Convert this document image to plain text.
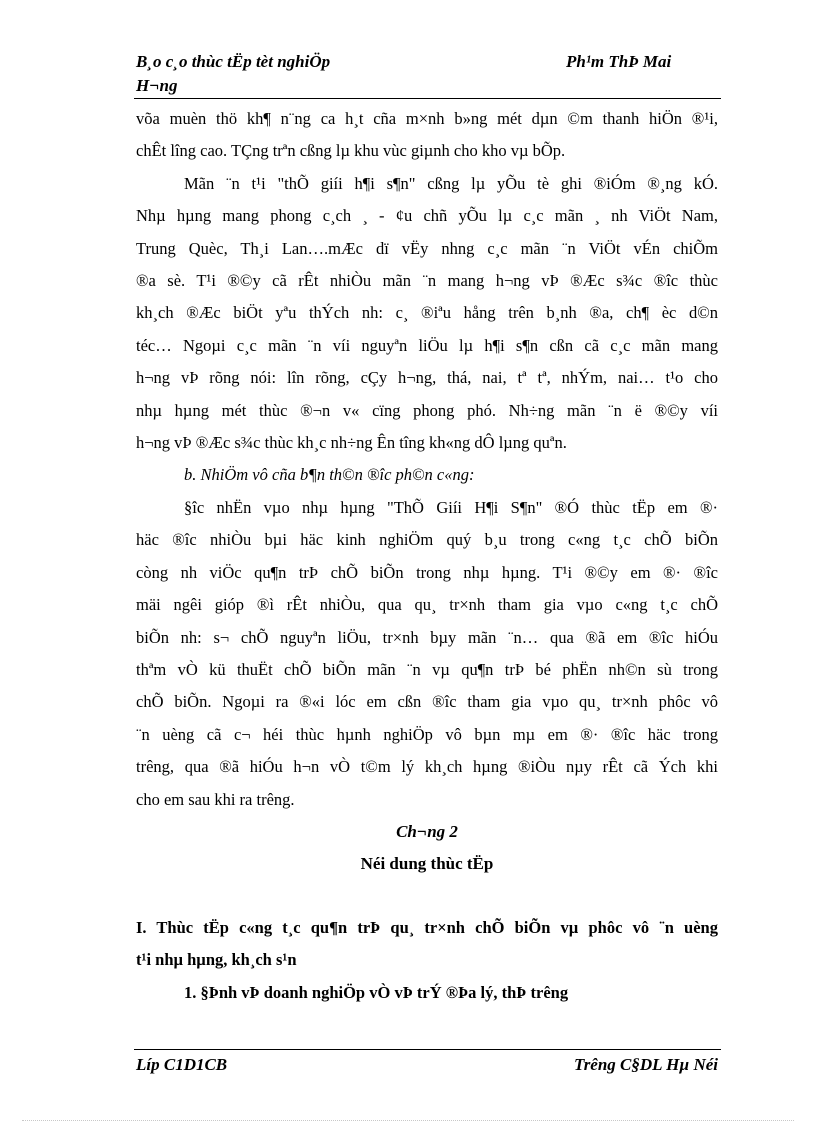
B¸o c¸o thùc tËp tèt nghiÖp
H¬ng
Ph¹m ThÞ Mai
võa muèn thö kh¶ n¨ng ca h¸t cña m×nh b»ng mét dµn ©m thanh hiÖn ®¹i,
chÊt lîng cao. TÇng trªn cßng lµ khu vùc giµnh cho kho vµ bÕp.
Mãn ¨n t¹i "thÕ giíi h¶i s¶n" cßng lµ yÕu tè ghi ®iÓm ®¸ng kÓ.
Nhµ hµng mang phong c¸ch ¸ - ¢u chñ yÕu lµ c¸c mãn ¸ nh ViÖt Nam,
Trung Quèc, Th¸i Lan….mÆc dï vËy nhng c¸c mãn ¨n ViÖt vÉn chiÕm
®a sè. T¹i ®©y cã rÊt nhiÒu mãn ¨n mang h¬ng vÞ ®Æc s¾c ®îc thùc
kh¸ch ®Æc biÖt yªu thÝch nh: c¸ ®iªu hång trên b¸nh ®a, ch¶ èc d©n
téc… Ngoµi c¸c mãn ¨n víi nguyªn liÖu lµ h¶i s¶n cßn cã c¸c mãn mang
h¬ng vÞ rõng nói: lîn rõng, cÇy h¬ng, thá, nai, tª tª, nhÝm, nai… t¹o cho
nhµ hµng mét thùc ®¬n v« cïng phong phó. Nh÷ng mãn ¨n ë ®©y víi
h¬ng vÞ ®Æc s¾c thùc kh¸c nh÷ng Ên tîng kh«ng dÔ lµng quªn.
b. NhiÖm vô cña b¶n th©n ®îc ph©n c«ng:
§îc nhËn vµo nhµ hµng "ThÕ Giíi H¶i S¶n" ®Ó thùc tËp em ®·
häc ®îc nhiÒu bµi häc kinh nghiÖm quý b¸u trong c«ng t¸c chÕ biÕn
còng nh viÖc qu¶n trÞ chÕ biÕn trong nhµ hµng. T¹i ®©y em ®· ®îc
mäi ngêi gióp ®ì rÊt nhiÒu, qua qu¸ tr×nh tham gia vµo c«ng t¸c chÕ
biÕn nh: s¬ chÕ nguyªn liÖu, tr×nh bµy mãn ¨n… qua ®ã em ®îc hiÓu
thªm vÒ kü thuËt chÕ biÕn mãn ¨n vµ qu¶n trÞ bé phËn nh©n sù trong
chÕ biÕn. Ngoµi ra ®«i lóc em cßn ®îc tham gia vµo qu¸ tr×nh phôc vô
¨n uèng cã c¬ héi thùc hµnh nghiÖp vô bµn mµ em ®· ®îc häc trong
trêng, qua ®ã hiÓu h¬n vÒ t©m lý kh¸ch hµng ®iÒu nµy rÊt cã Ých khi
cho em sau khi ra trêng.
Ch¬ng 2
Néi dung thùc tËp
I. Thùc tËp c«ng t¸c qu¶n trÞ qu¸ tr×nh chÕ biÕn vµ phôc vô ¨n uèng
t¹i nhµ hµng, kh¸ch s¹n
1. §Þnh vÞ doanh nghiÖp vÒ vÞ trÝ ®Þa lý, thÞ trêng
Líp C1D1CB	Trêng C§DL Hµ Néi
